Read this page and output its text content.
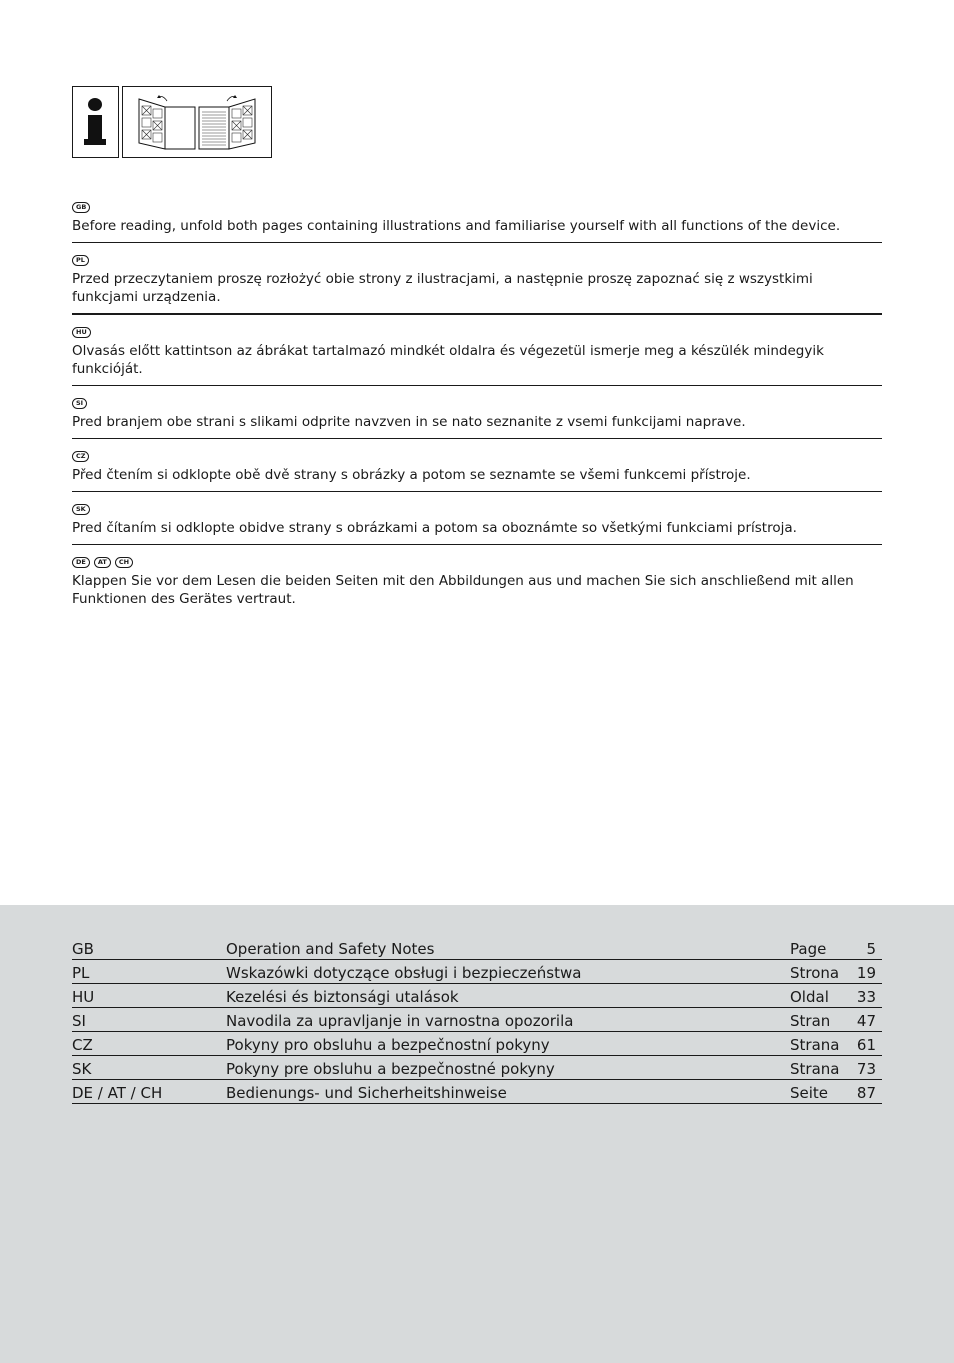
GB
Before reading, unfold both pages containing illustrations and familiarise yourself with all functions of the device.
PL
Przed przeczytaniem proszę rozłożyć obie strony z ilustracjami, a następnie proszę zapoznać się z wszystkimi funkcjami urządzenia.
HU
Olvasás előtt kattintson az ábrákat tartalmazó mindkét oldalra és végezetül ismerje meg a készülék mindegyik funkcióját.
SI
Pred branjem obe strani s slikami odprite navzven in se nato seznanite z vsemi funkcijami naprave.
CZ
Před čtením si odklopte obě dvě strany s obrázky a potom se seznamte se všemi funkcemi přístroje.
SK
Pred čítaním si odklopte obidve strany s obrázkami a potom sa oboznámte so všetkými funkciami prístroja.
DE	AT	CH
Klappen Sie vor dem Lesen die beiden Seiten mit den Abbildungen aus und machen Sie sich anschließend mit allen Funktionen des Gerätes vertraut.
GB	Operation and Safety Notes	Page	5
PL	Wskazówki dotyczące obsługi i bezpieczeństwa	Strona	19
HU	Kezelési és biztonsági utalások	Oldal	33
SI	Navodila za upravljanje in varnostna opozorila	Stran	47
CZ	Pokyny pro obsluhu a bezpečnostní pokyny	Strana	61
SK	Pokyny pre obsluhu a bezpečnostné pokyny	Strana	73
DE / AT / CH	Bedienungs- und Sicherheitshinweise	Seite	87
